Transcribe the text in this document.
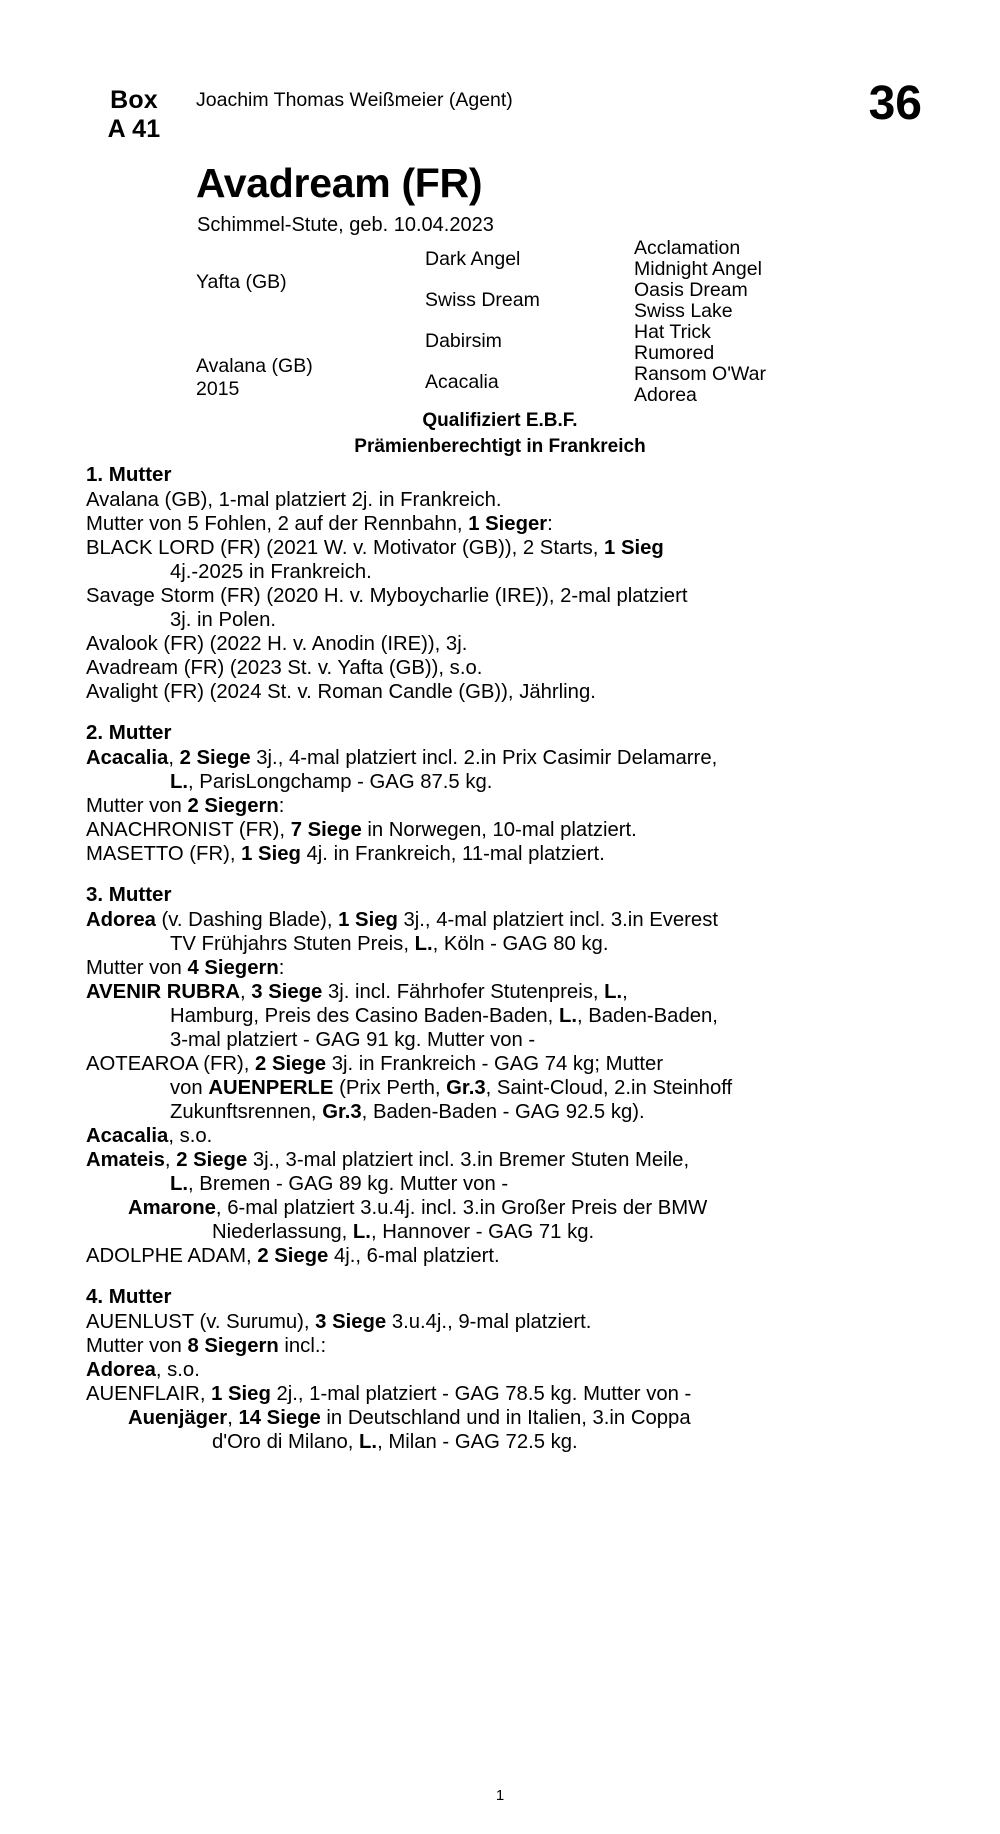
Box
A 41
Joachim Thomas Weißmeier (Agent)	36
Avadream (FR)
Schimmel-Stute, geb. 10.04.2023
Yafta (GB)
Avalana (GB)
2015
Dark Angel
Swiss Dream
Dabirsim
Acacalia
Acclamation
Midnight Angel
Oasis Dream
Swiss Lake
Hat Trick
Rumored
Ransom O'War
Adorea
Qualifiziert E.B.F.
Prämienberechtigt in Frankreich
1. Mutter

Avalana (GB), 1-mal platziert 2j. in Frankreich.

Mutter von 5 Fohlen, 2 auf der Rennbahn, 1 Sieger:

BLACK LORD (FR) (2021 W. v. Motivator (GB)), 2 Starts, 1 Sieg

4j.-2025 in Frankreich.

Savage Storm (FR) (2020 H. v. Myboycharlie (IRE)), 2-mal platziert

3j. in Polen.

Avalook (FR) (2022 H. v. Anodin (IRE)), 3j.

Avadream (FR) (2023 St. v. Yafta (GB)), s.o.

Avalight (FR) (2024 St. v. Roman Candle (GB)), Jährling.

2. Mutter

Acacalia, 2 Siege 3j., 4-mal platziert incl. 2.in Prix Casimir Delamarre,

L., ParisLongchamp - GAG 87.5 kg.

Mutter von 2 Siegern:

ANACHRONIST (FR), 7 Siege in Norwegen, 10-mal platziert.

MASETTO (FR), 1 Sieg 4j. in Frankreich, 11-mal platziert.

3. Mutter

Adorea (v. Dashing Blade), 1 Sieg 3j., 4-mal platziert incl. 3.in Everest

TV Frühjahrs Stuten Preis, L., Köln - GAG 80 kg.

Mutter von 4 Siegern:

AVENIR RUBRA, 3 Siege 3j. incl. Fährhofer Stutenpreis, L.,

Hamburg, Preis des Casino Baden-Baden, L., Baden-Baden,

3-mal platziert - GAG 91 kg. Mutter von -

AOTEAROA (FR), 2 Siege 3j. in Frankreich - GAG 74 kg; Mutter

von AUENPERLE (Prix Perth, Gr.3, Saint-Cloud, 2.in Steinhoff

Zukunftsrennen, Gr.3, Baden-Baden - GAG 92.5 kg).

Acacalia, s.o.

Amateis, 2 Siege 3j., 3-mal platziert incl. 3.in Bremer Stuten Meile,

L., Bremen - GAG 89 kg. Mutter von -

Amarone, 6-mal platziert 3.u.4j. incl. 3.in Großer Preis der BMW

Niederlassung, L., Hannover - GAG 71 kg.

ADOLPHE ADAM, 2 Siege 4j., 6-mal platziert.

4. Mutter

AUENLUST (v. Surumu), 3 Siege 3.u.4j., 9-mal platziert.

Mutter von 8 Siegern incl.:

Adorea, s.o.

AUENFLAIR, 1 Sieg 2j., 1-mal platziert - GAG 78.5 kg. Mutter von -

Auenjäger, 14 Siege in Deutschland und in Italien, 3.in Coppa

d'Oro di Milano, L., Milan - GAG 72.5 kg.

1
